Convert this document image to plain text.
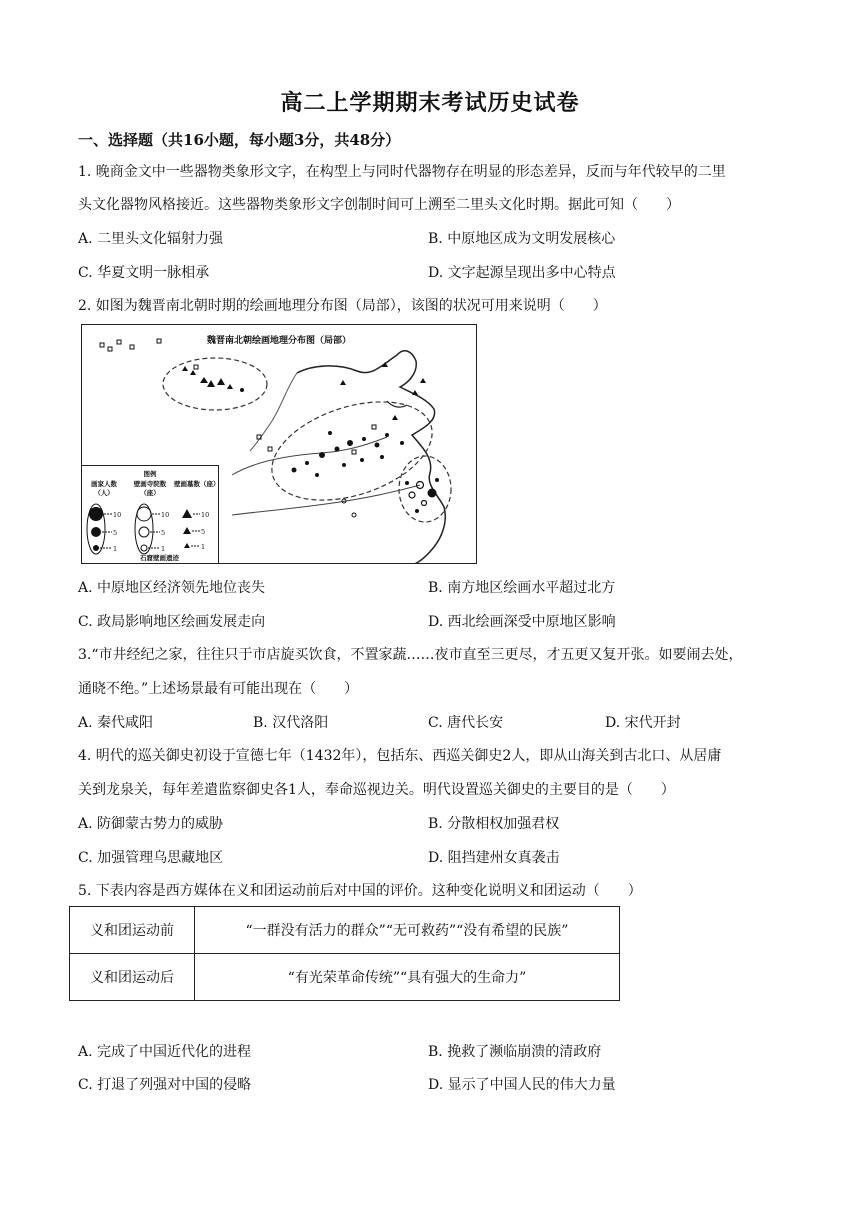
高二上学期期末考试历史试卷
一、选择题（共16小题，每小题3分，共48分）
1. 晚商金文中一些器物类象形文字，在构型上与同时代器物存在明显的形态差异，反而与年代较早的二里
头文化器物风格接近。这些器物类象形文字创制时间可上溯至二里头文化时期。据此可知（　　）
A. 二里头文化辐射力强	B. 中原地区成为文明发展核心
C. 华夏文明一脉相承	D. 文字起源呈现出多中心特点
2. 如图为魏晋南北朝时期的绘画地理分布图（局部），该图的状况可用来说明（　　）
魏晋南北朝绘画地理分布图（局部）
图例
画家人数（人）
壁画寺院数（座）
壁画墓数（座）
10
5
1
10
5
1
10
5
1
石窟壁画遗迹
A. 中原地区经济领先地位丧失	B. 南方地区绘画水平超过北方
C. 政局影响地区绘画发展走向	D. 西北绘画深受中原地区影响
3.“市井经纪之家，往往只于市店旋买饮食，不置家蔬……夜市直至三更尽，才五更又复开张。如要闹去处，
通晓不绝。”上述场景最有可能出现在（　　）
A. 秦代咸阳	B. 汉代洛阳	C. 唐代长安	D. 宋代开封
4. 明代的巡关御史初设于宣德七年（1432年），包括东、西巡关御史2人，即从山海关到古北口、从居庸
关到龙泉关，每年差遣监察御史各1人，奉命巡视边关。明代设置巡关御史的主要目的是（　　）
A. 防御蒙古势力的威胁	B. 分散相权加强君权
C. 加强管理乌思藏地区	D. 阻挡建州女真袭击
5. 下表内容是西方媒体在义和团运动前后对中国的评价。这种变化说明义和团运动（　　）
义和团运动前	“一群没有活力的群众”“无可救药”“没有希望的民族”
义和团运动后	“有光荣革命传统”“具有强大的生命力”
A. 完成了中国近代化的进程	B. 挽救了濒临崩溃的清政府
C. 打退了列强对中国的侵略	D. 显示了中国人民的伟大力量
